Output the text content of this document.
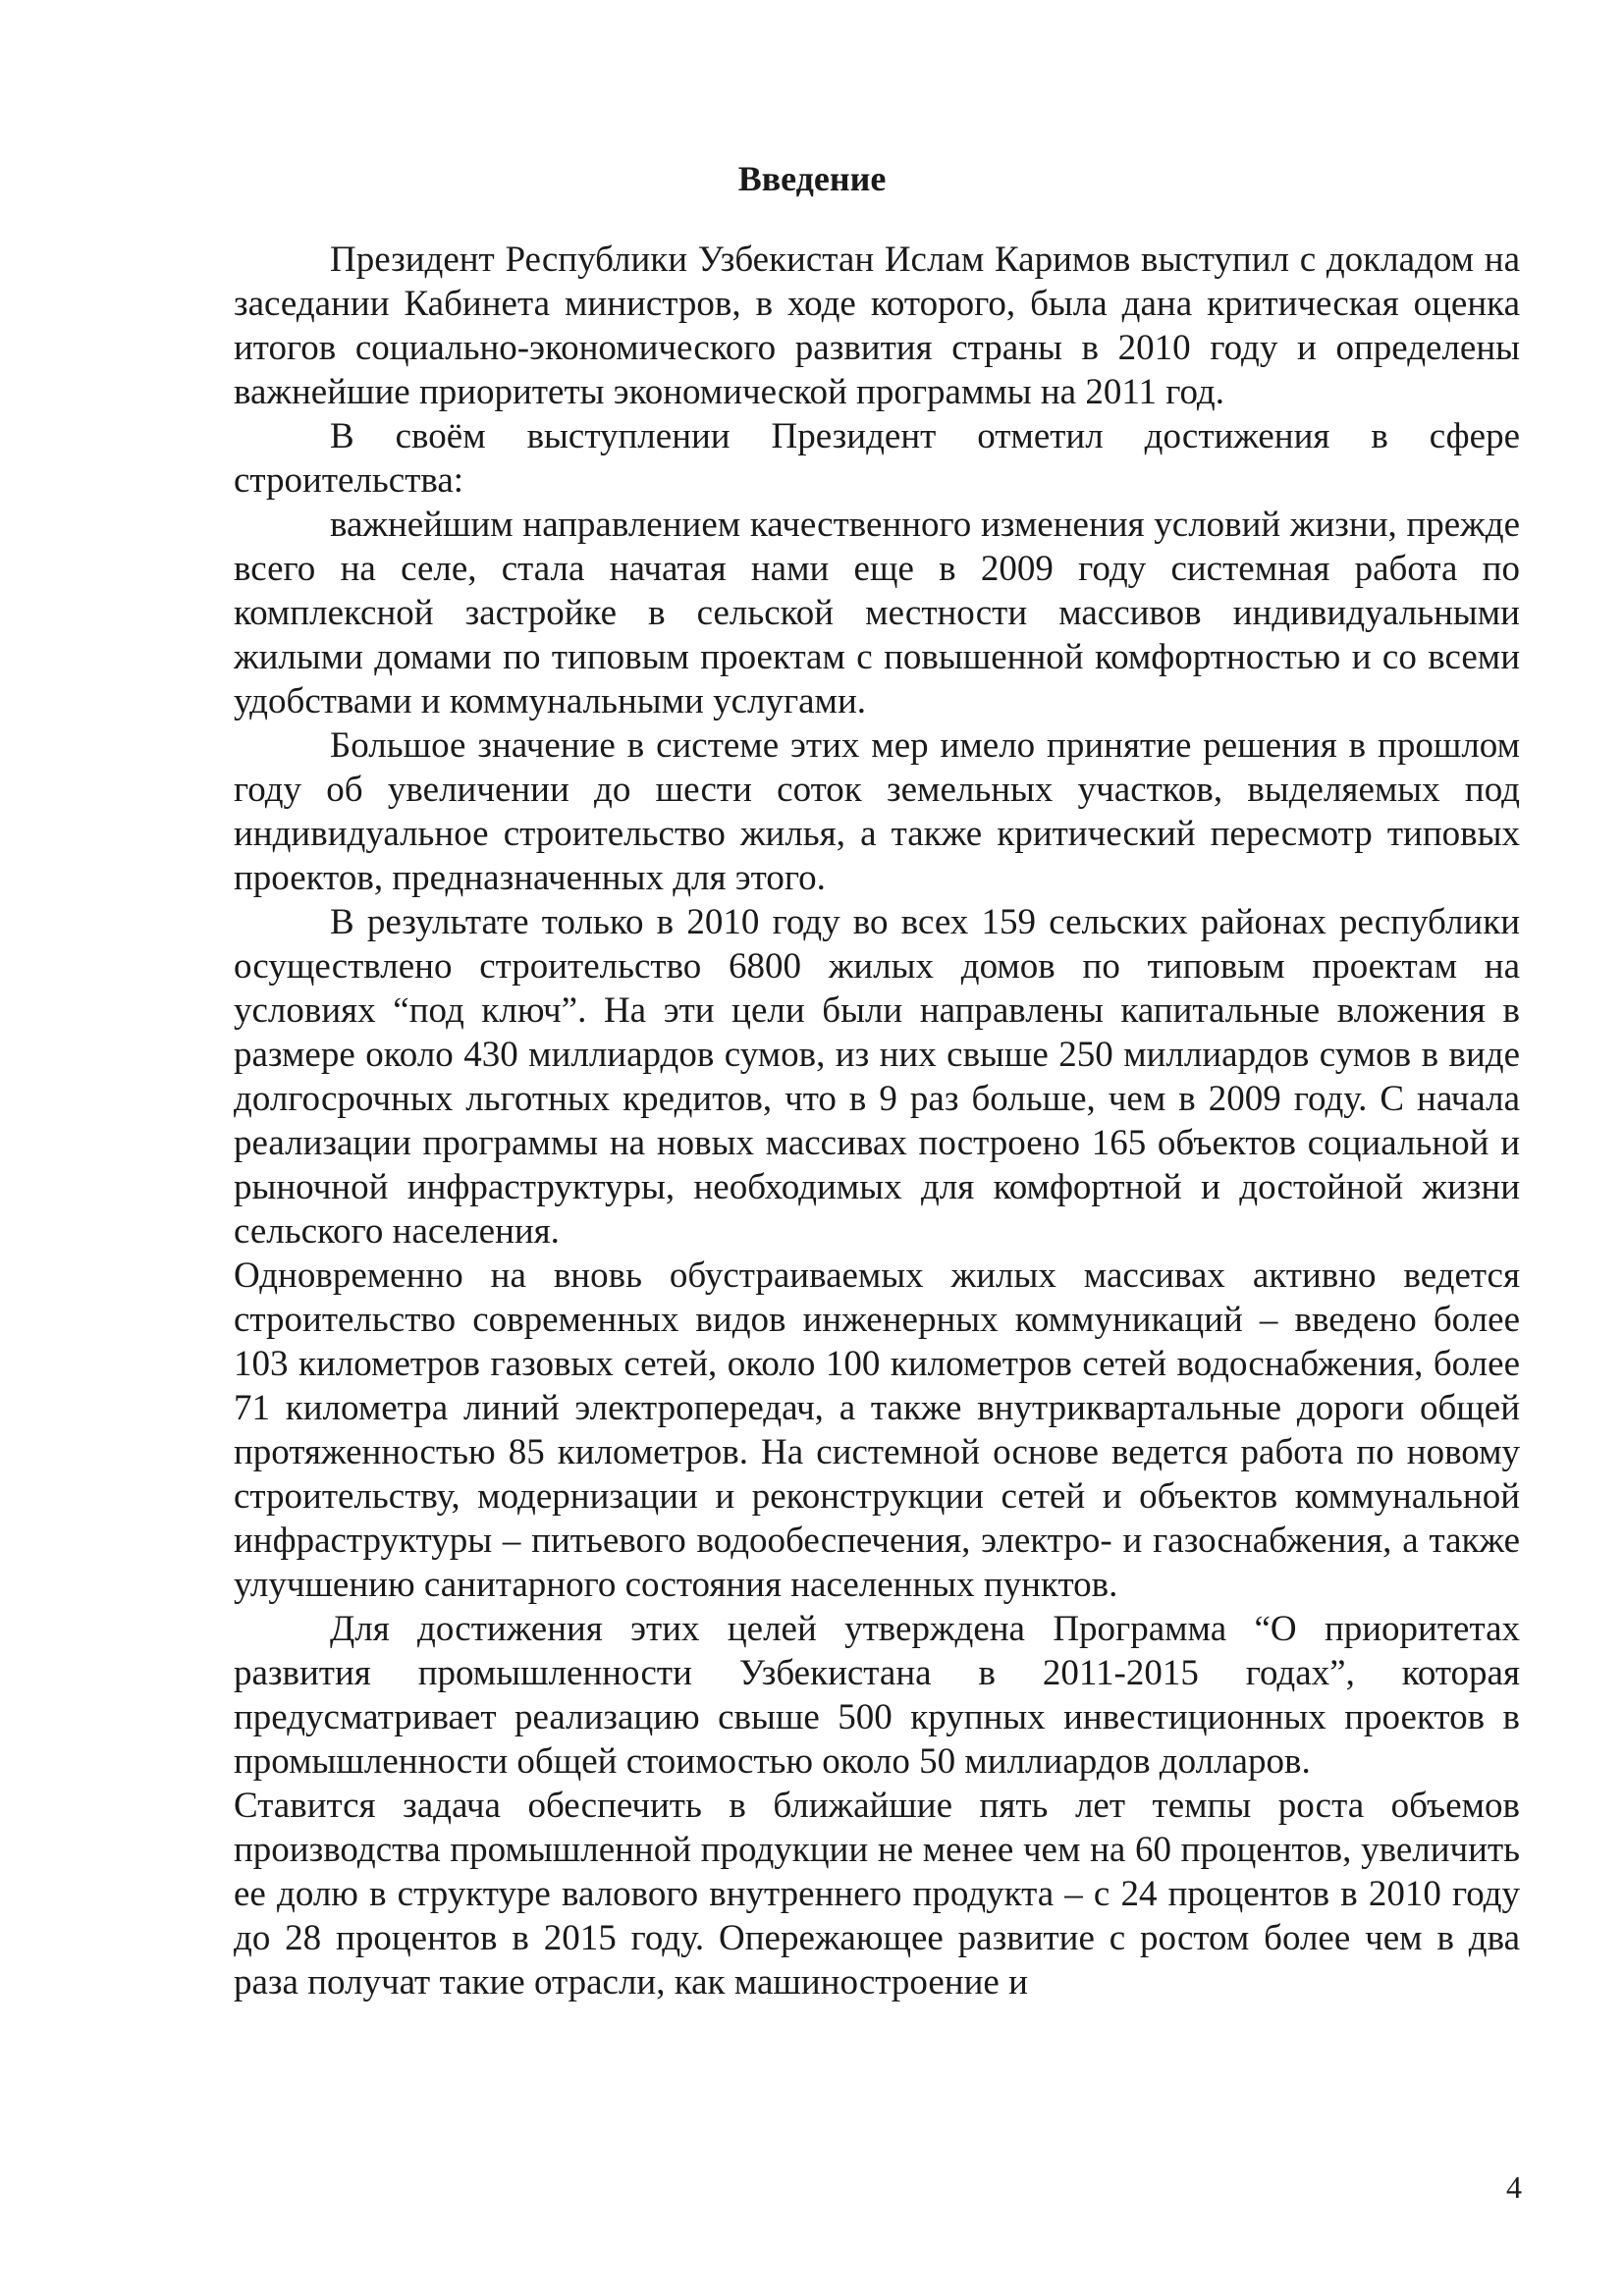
Введение

Президент Республики Узбекистан Ислам Каримов выступил с докладом на заседании Кабинета министров, в ходе которого, была дана критическая оценка итогов социально-экономического развития страны в 2010 году и определены важнейшие приоритеты экономической программы на 2011 год.

В своём выступлении Президент отметил достижения в сфере строительства:

важнейшим направлением качественного изменения условий жизни, прежде всего на селе, стала начатая нами еще в 2009 году системная работа по комплексной застройке в сельской местности массивов индивидуальными жилыми домами по типовым проектам с повышенной комфортностью и со всеми удобствами и коммунальными услугами.

Большое значение в системе этих мер имело принятие решения в прошлом году об увеличении до шести соток земельных участков, выделяемых под индивидуальное строительство жилья, а также критический пересмотр типовых проектов, предназначенных для этого.

В результате только в 2010 году во всех 159 сельских районах республики осуществлено строительство 6800 жилых домов по типовым проектам на условиях “под ключ”. На эти цели были направлены капитальные вложения в размере около 430 миллиардов сумов, из них свыше 250 миллиардов сумов в виде долгосрочных льготных кредитов, что в 9 раз больше, чем в 2009 году. С начала реализации программы на новых массивах построено 165 объектов социальной и рыночной инфраструктуры, необходимых для комфортной и достойной жизни сельского населения.

Одновременно на вновь обустраиваемых жилых массивах активно ведется строительство современных видов инженерных коммуникаций – введено более 103 километров газовых сетей, около 100 километров сетей водоснабжения, более 71 километра линий электропередач, а также внутриквартальные дороги общей протяженностью 85 километров. На системной основе ведется работа по новому строительству, модернизации и реконструкции сетей и объектов коммунальной инфраструктуры – питьевого водообеспечения, электро- и газоснабжения, а также улучшению санитарного состояния населенных пунктов.

Для достижения этих целей утверждена Программа “О приоритетах развития промышленности Узбекистана в 2011-2015 годах”, которая предусматривает реализацию свыше 500 крупных инвестиционных проектов в промышленности общей стоимостью около 50 миллиардов долларов.

Ставится задача обеспечить в ближайшие пять лет темпы роста объемов производства промышленной продукции не менее чем на 60 процентов, увеличить ее долю в структуре валового внутреннего продукта – с 24 процентов в 2010 году до 28 процентов в 2015 году. Опережающее развитие с ростом более чем в два раза получат такие отрасли, как машиностроение и

4
